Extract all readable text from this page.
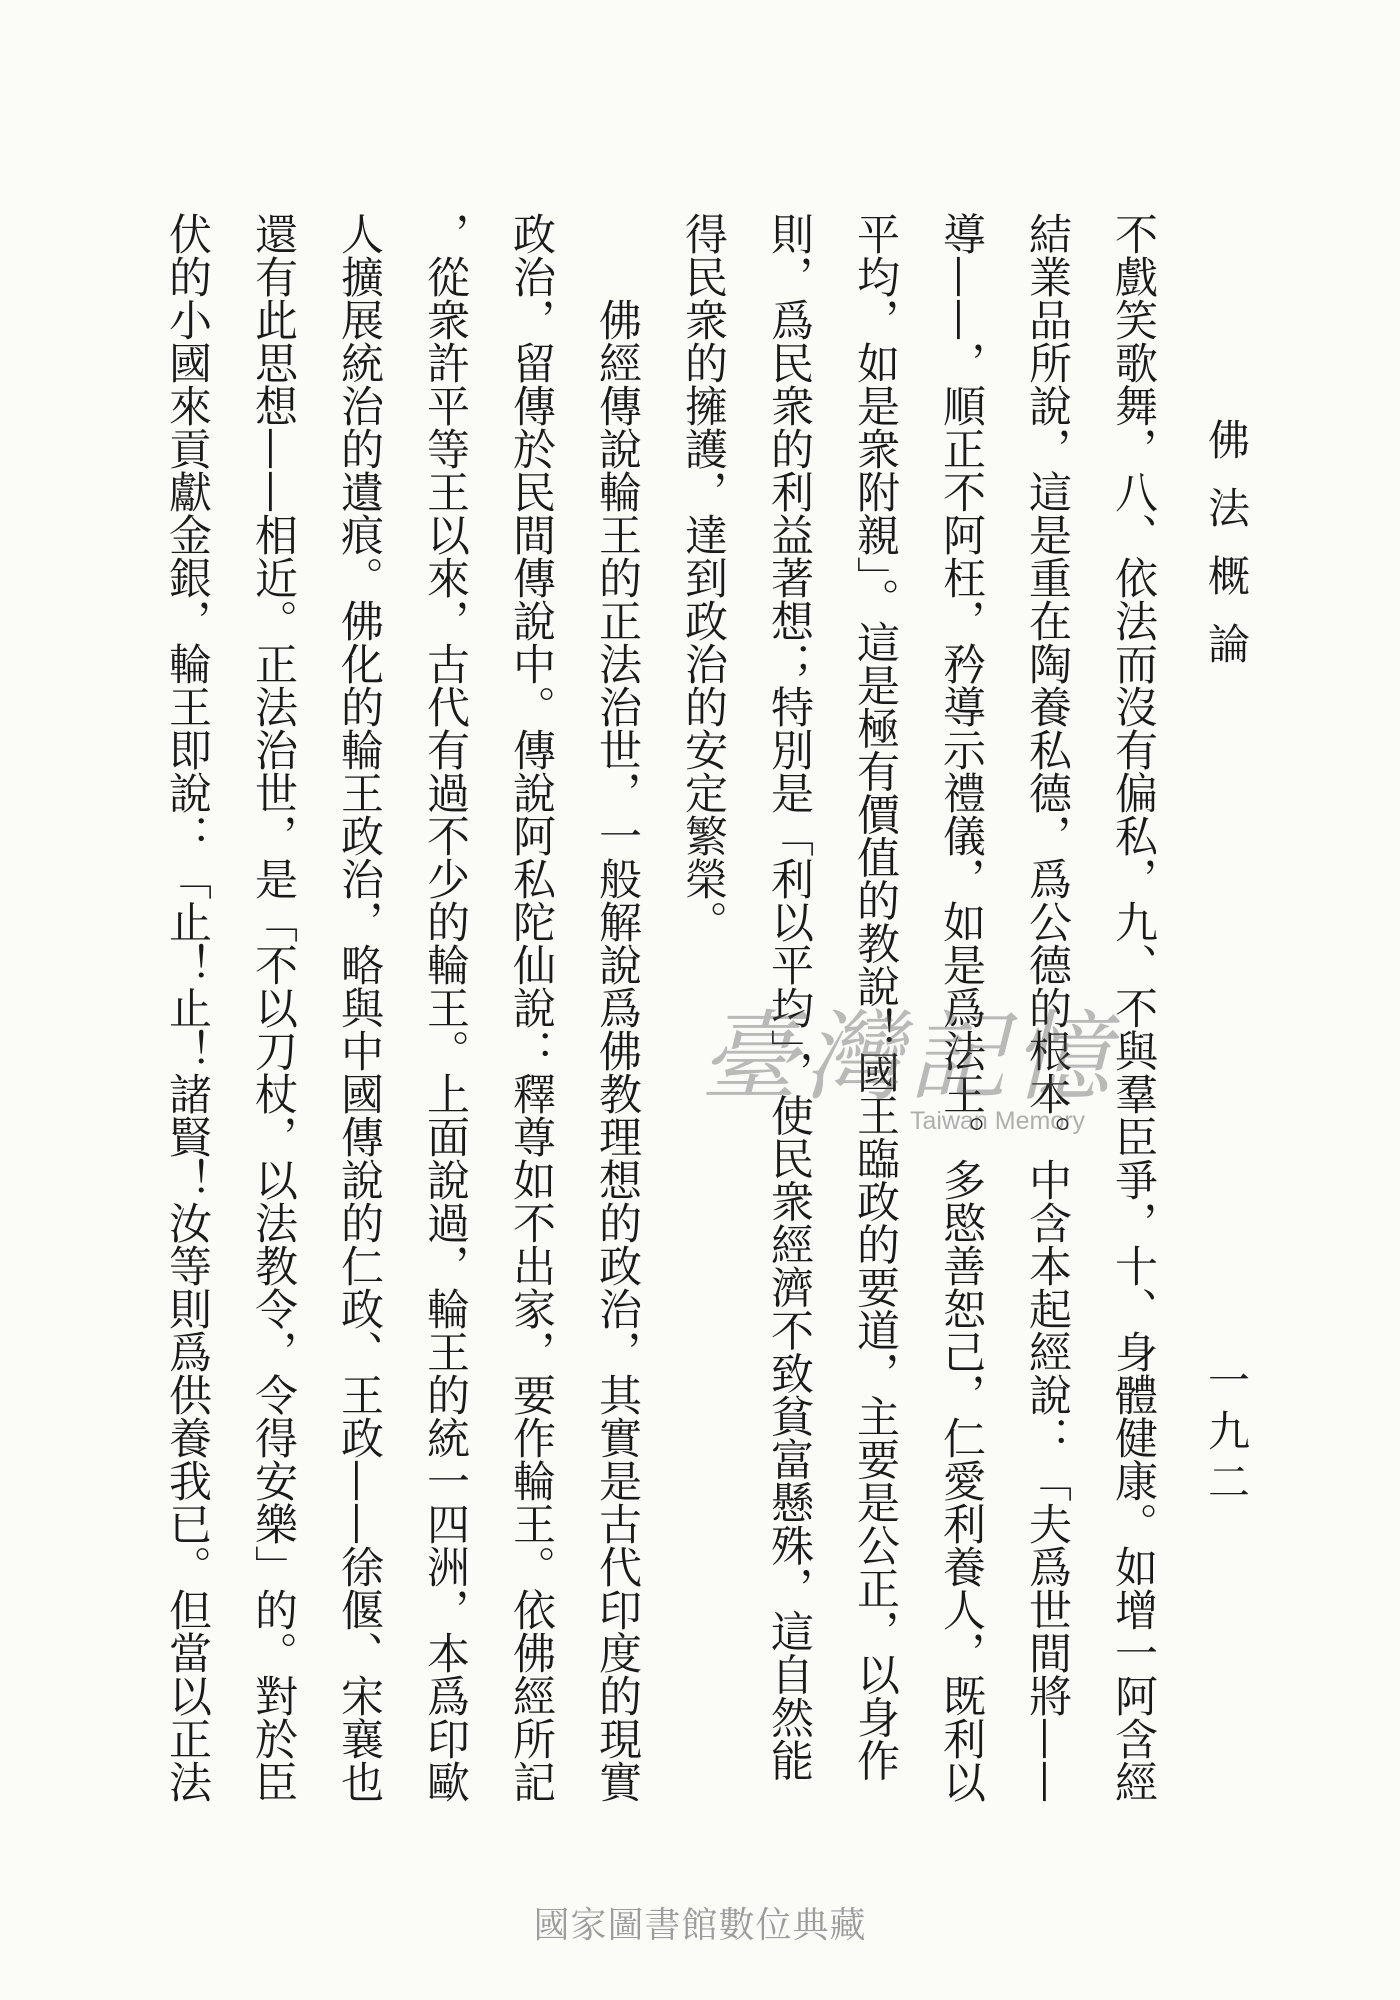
佛法概論
一九二
不戲笑歌舞，八、依法而沒有偏私，九、不與羣臣爭，十、身體健康。如增一阿含經
結業品所說，這是重在陶養私德，爲公德的根本。中含本起經說：「夫爲世間將——
導——，順正不阿枉，矜導示禮儀，如是爲法王。多愍善恕己，仁愛利養人，既利以
平均，如是衆附親」。這是極有價值的教說！國王臨政的要道，主要是公正，以身作
則，爲民衆的利益著想；特別是「利以平均」，使民衆經濟不致貧富懸殊，這自然能
得民衆的擁護，達到政治的安定繁榮。
佛經傳說輪王的正法治世，一般解說爲佛教理想的政治，其實是古代印度的現實
政治，留傳於民間傳說中。傳說阿私陀仙說：釋尊如不出家，要作輪王。依佛經所記
，從衆許平等王以來，古代有過不少的輪王。上面說過，輪王的統一四洲，本爲印歐
人擴展統治的遺痕。佛化的輪王政治，略與中國傳說的仁政、王政——徐偃、宋襄也
還有此思想——相近。正法治世，是「不以刀杖，以法教令，令得安樂」的。對於臣
伏的小國來貢獻金銀，輪王即說：「止！止！諸賢！汝等則爲供養我已。但當以正法	臺灣記憶
Taiwan Memory
國家圖書館數位典藏
